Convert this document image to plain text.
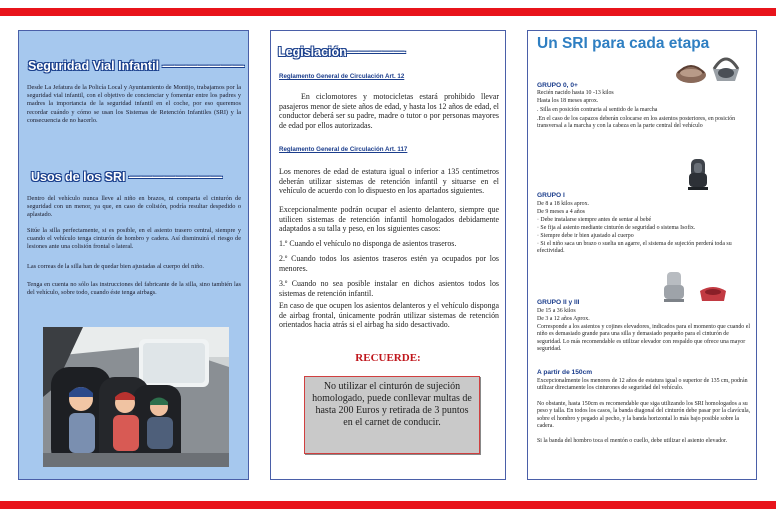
Seguridad Vial Infantil ———————
Desde La Jefatura de la Policía Local y Ayuntamiento de Montijo, trabajamos por la seguridad vial infantil, con el objetivo de concienciar y fomentar entre los padres y madres la importancia de la seguridad infantil en el coche, por eso queremos recordar cuándo y cómo se usan los Sistemas de Retención Infantiles (SRI) y la consecuencia de no hacerlo.
Usos de los SRI ————————
Dentro del vehículo nunca lleve al niño en brazos, ni comparta el cinturón de seguridad con un menor, ya que, en caso de colisión, podría resultar despedido o aplastado.
Sitúe la silla perfectamente, si es posible, en el asiento trasero central, siempre y cuando el vehículo tenga cinturón de hombro y cadera. Así disminuirá el riesgo de lesiones ante una colisión frontal o lateral.
Las correas de la silla han de quedar bien ajustadas al cuerpo del niño.
Tenga en cuenta no sólo las instrucciones del fabricante de la silla, sino también las del vehículo, sobre todo, cuando éste tenga airbags.
Legislación—————
Reglamento General de Circulación Art. 12
En ciclomotores y motocicletas estará prohibido llevar pasajeros menor de siete años de edad, y hasta los 12 años de edad, el conductor deberá ser su padre, madre o tutor o por personas mayores de edad por ellos autorizadas.
Reglamento General de Circulación Art. 117
Los menores de edad de estatura igual o inferior a 135 centímetros deberán utilizar sistemas de retención infantil y situarse en el vehículo de acuerdo con lo dispuesto en los apartados siguientes.
Excepcionalmente podrán ocupar el asiento delantero, siempre que utilicen sistemas de retención infantil homologados debidamente adaptados a su talla y peso, en los siguientes casos:
1.º Cuando el vehículo no disponga de asientos traseros.
2.º Cuando todos los asientos traseros estén ya ocupados por los menores.
3.º Cuando no sea posible instalar en dichos asientos todos los sistemas de retención infantil.
En caso de que ocupen los asientos delanteros y el vehículo disponga de airbag frontal, únicamente podrán utilizar sistemas de retención orientados hacia atrás si el airbag ha sido desactivado.
RECUERDE:
No utilizar el cinturón de sujeción homologado, puede conllevar multas de hasta 200 Euros y retirada de 3 puntos en el carnet de conducir.
Un SRI para cada etapa
GRUPO 0, 0+
Recién nacido hasta 10 -13 kilos
Hasta los 18 meses aprox.
. Silla en posición contraria al sentido de la marcha
.En el caso de los capazos deberán colocarse en los asientos posteriores, en posición transversal a la marcha y con la cabeza en la parte central del vehículo
GRUPO I
De 8 a 18 kilos aprox.
De 9 meses a 4 años
· Debe instalarse siempre antes de sentar al bebé
· Se fija al asiento mediante cinturón de seguridad o sistema Isofix.
· Siempre debe ir bien ajustado al cuerpo
· Si el niño saca un brazo o suelta un agarre, el sistema de sujeción perderá toda su efectividad.
GRUPO II y III
De 15 a 36 kilos
De 3 a 12 años Aprox.
Corresponde a los asientos y cojines elevadores, indicados para el momento que cuando el niño es demasiado grande para una silla y demasiado pequeño para el cinturón de seguridad. Lo más recomendable es utilizar elevador con respaldo que ofrece una mayor seguridad.
A partir de 150cm
Excepcionalmente los menores de 12 años de estatura igual o superior de 135 cm, podrán utilizar directamente los cinturones de seguridad del vehículo.
No obstante, hasta 150cm es recomendable que siga utilizando los SRI homologados a su peso y talla. En todos los casos, la banda diagonal del cinturón debe pasar por la clavícula, sobre el hombro y pegado al pecho, y la banda horizontal lo más bajo posible sobre la cadera.
Si la banda del hombro toca el mentón o cuello, debe utilizar el asiento elevador.
